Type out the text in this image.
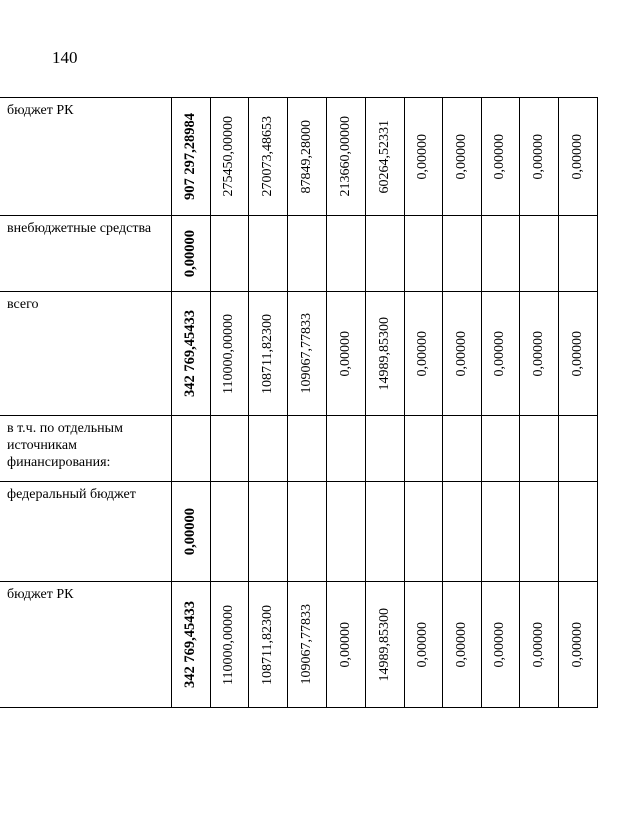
140
бюджет РК
907 297,28984 275450,00000 270073,48653 87849,28000 213660,00000 60264,52331 0,00000 0,00000 0,00000 0,00000 0,00000
внебюджетные средства
0,00000
всего
342 769,45433 110000,00000 108711,82300 109067,77833 0,00000 14989,85300 0,00000 0,00000 0,00000 0,00000 0,00000
в т.ч. по отдельным источникам финансирования:
федеральный бюджет
0,00000
бюджет РК
342 769,45433 110000,00000 108711,82300 109067,77833 0,00000 14989,85300 0,00000 0,00000 0,00000 0,00000 0,00000
